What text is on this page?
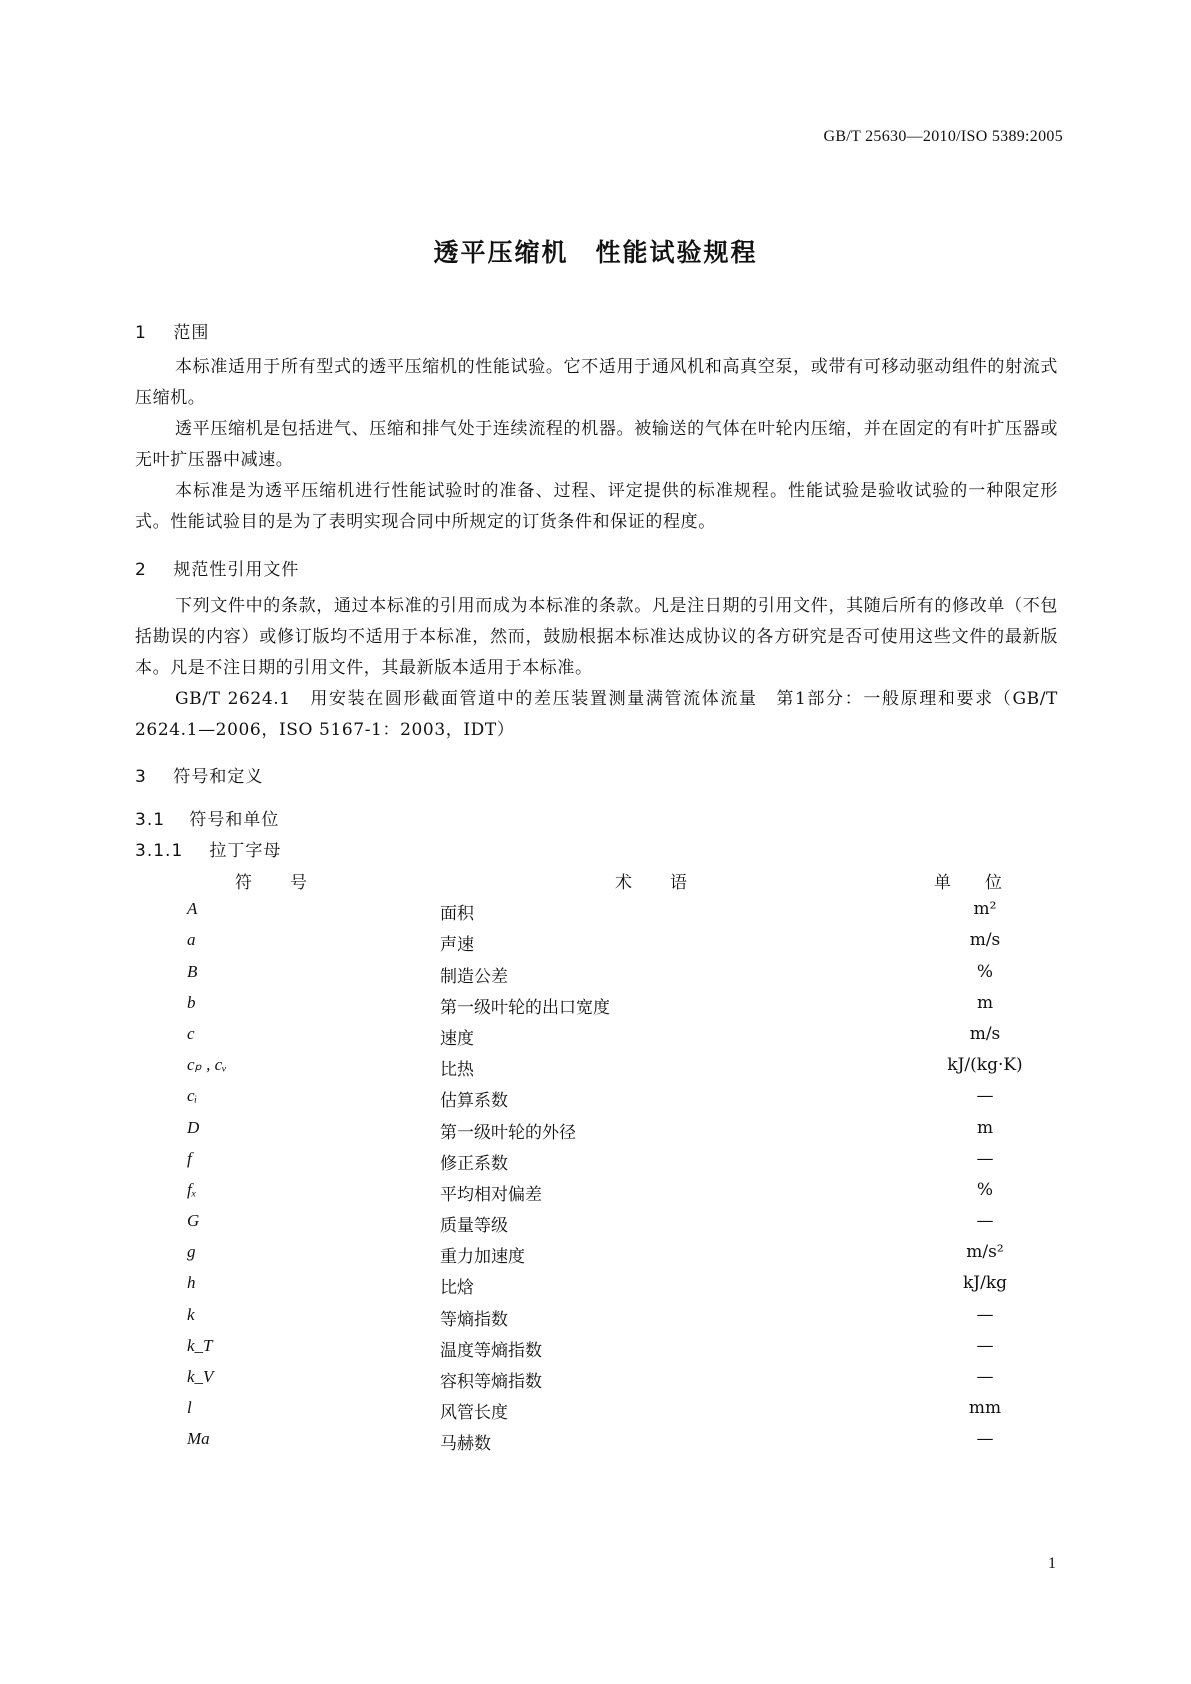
GB/T 25630—2010/ISO 5389:2005
透平压缩机　性能试验规程
1 范围

本标准适用于所有型式的透平压缩机的性能试验。它不适用于通风机和高真空泵，或带有可移动驱动组件的射流式压缩机。

透平压缩机是包括进气、压缩和排气处于连续流程的机器。被输送的气体在叶轮内压缩，并在固定的有叶扩压器或无叶扩压器中减速。

本标准是为透平压缩机进行性能试验时的准备、过程、评定提供的标准规程。性能试验是验收试验的一种限定形式。性能试验目的是为了表明实现合同中所规定的订货条件和保证的程度。

2 规范性引用文件

下列文件中的条款，通过本标准的引用而成为本标准的条款。凡是注日期的引用文件，其随后所有的修改单（不包括勘误的内容）或修订版均不适用于本标准，然而，鼓励根据本标准达成协议的各方研究是否可使用这些文件的最新版本。凡是不注日期的引用文件，其最新版本适用于本标准。

GB/T 2624.1　用安装在圆形截面管道中的差压装置测量满管流体流量　第1部分：一般原理和要求（GB/T 2624.1—2006，ISO 5167-1：2003，IDT）

3 符号和定义
3.1 符号和单位
3.1.1 拉丁字母
符号	术语	单位
A	面积	m²
a	声速	m/s
B	制造公差	%
b	第一级叶轮的出口宽度	m
c	速度	m/s
cₚ , cᵥ	比热	kJ/(kg·K)
cᵢ	估算系数	—
D	第一级叶轮的外径	m
f	修正系数	—
fₓ	平均相对偏差	%
G	质量等级	—
g	重力加速度	m/s²
h	比焓	kJ/kg
k	等熵指数	—
k_T	温度等熵指数	—
k_V	容积等熵指数	—
l	风管长度	mm
Ma	马赫数	—
1
